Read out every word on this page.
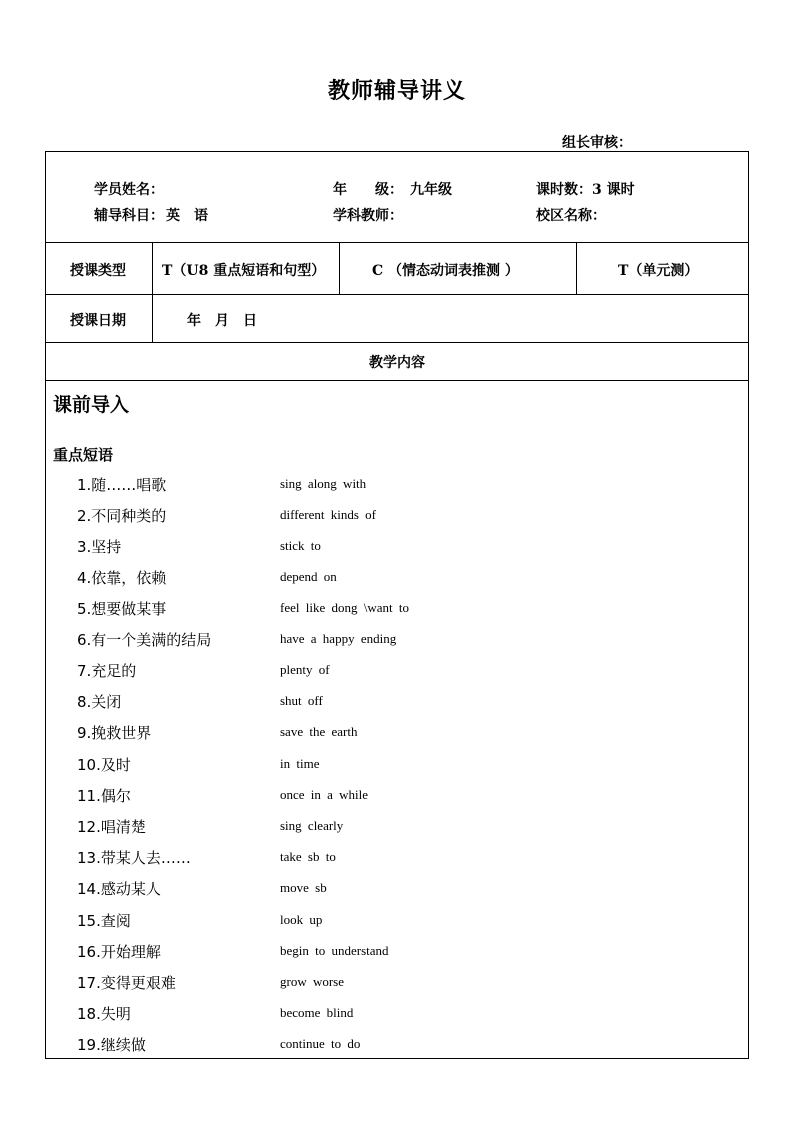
教师辅导讲义
组长审核：
学员姓名：	年　　级： 九年级	课时数： 3 课时
辅导科目： 英　语	学科教师：	校区名称：
授课类型	T（U8 重点短语和句型）	C （情态动词表推测 ）	T（单元测）
授课日期	年　月　日
教学内容
课前导入
重点短语
1.随……唱歌	sing along with
2.不同种类的	different kinds of
3.坚持	stick to
4.依靠，依赖	depend on
5.想要做某事	feel like dong \want to
6.有一个美满的结局	have a happy ending
7.充足的	plenty of
8.关闭	shut off
9.挽救世界	save the earth
10.及时	in time
11.偶尔	once in a while
12.唱清楚	sing clearly
13.带某人去……	take sb to
14.感动某人	move sb
15.查阅	look up
16.开始理解	begin to understand
17.变得更艰难	grow worse
18.失明	become blind
19.继续做	continue to do
